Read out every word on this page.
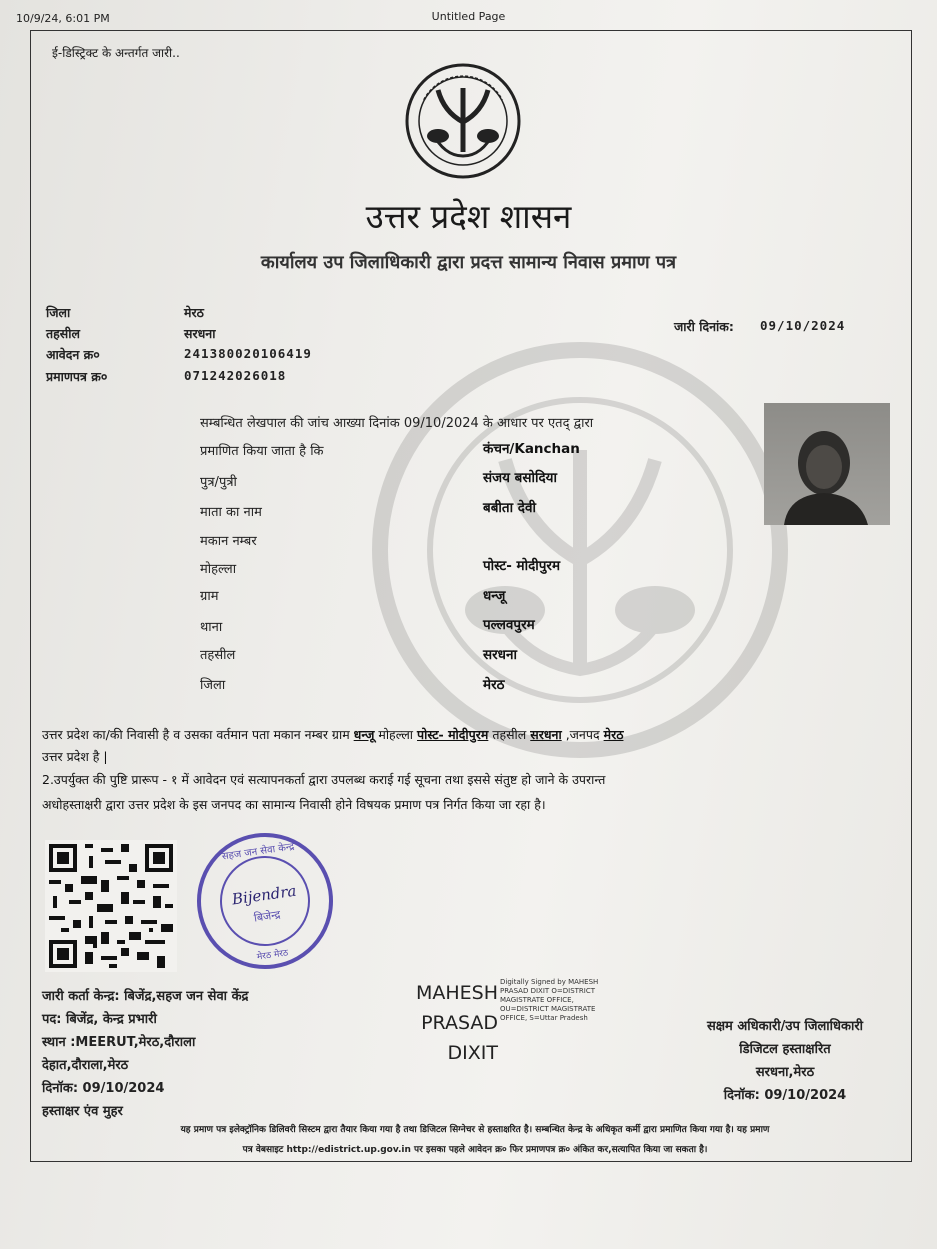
10/9/24, 6:01 PM	Untitled Page
ई-डिस्ट्रिक्ट के अन्तर्गत जारी..
उत्तर प्रदेश शासन
कार्यालय उप जिलाधिकारी द्वारा प्रदत्त सामान्य निवास प्रमाण पत्र
जिला	मेरठ
तहसील	सरधना
आवेदन क्र०	241380020106419
प्रमाणपत्र क्र०	071242026018
जारी दिनांक: 09/10/2024
सम्बन्धित लेखपाल की जांच आख्या दिनांक 09/10/2024 के आधार पर एतद् द्वारा
प्रमाणित किया जाता है कि	कंचन/Kanchan
पुत्र/पुत्री	संजय बसोदिया
माता का नाम	बबीता देवी
मकान नम्बर
मोहल्ला	पोस्ट- मोदीपुरम
ग्राम	धन्जू
थाना	पल्लवपुरम
तहसील	सरधना
जिला	मेरठ
उत्तर प्रदेश का/की निवासी है व उसका वर्तमान पता मकान नम्बर ग्राम धन्जू मोहल्ला पोस्ट- मोदीपुरम तहसील सरधना ,जनपद मेरठ
उत्तर प्रदेश है |
2.उपर्युक्त की पुष्टि प्रारूप - १ में आवेदन एवं सत्यापनकर्ता द्वारा उपलब्ध कराई गई सूचना तथा इससे संतुष्ट हो जाने के उपरान्त
अधोहस्ताक्षरी द्वारा उत्तर प्रदेश के इस जनपद का सामान्य निवासी होने विषयक प्रमाण पत्र निर्गत किया जा रहा है।
सहज जन सेवा केन्द्र
Bijendra
बिजेन्द्र
मेरठ मेरठ
जारी कर्ता केन्द्र: बिजेंद्र,सहज जन सेवा केंद्र
पद: बिजेंद्र, केन्द्र प्रभारी
स्थान :MEERUT,मेरठ,दौराला
देहात,दौराला,मेरठ
दिनॉक: 09/10/2024
हस्ताक्षर एंव मुहर
MAHESH
PRASAD
DIXIT
Digitally Signed by MAHESH
PRASAD DIXIT O=DISTRICT
MAGISTRATE OFFICE,
OU=DISTRICT MAGISTRATE
OFFICE, S=Uttar Pradesh
सक्षम अधिकारी/उप जिलाधिकारी
डिजिटल हस्ताक्षरित
सरधना,मेरठ
दिनॉक: 09/10/2024
यह प्रमाण पत्र इलेक्ट्रॉनिक डिलिवरी सिस्टम द्वारा तैयार किया गया है तथा डिजिटल सिग्नेचर से हस्ताक्षरित है। सम्बन्धित केन्द्र के अधिकृत कर्मी द्वारा प्रमाणित किया गया है। यह प्रमाण
पत्र वेबसाइट http://edistrict.up.gov.in पर इसका पहले आवेदन क्र० फिर प्रमाणपत्र क्र० अंकित कर,सत्यापित किया जा सकता है।
